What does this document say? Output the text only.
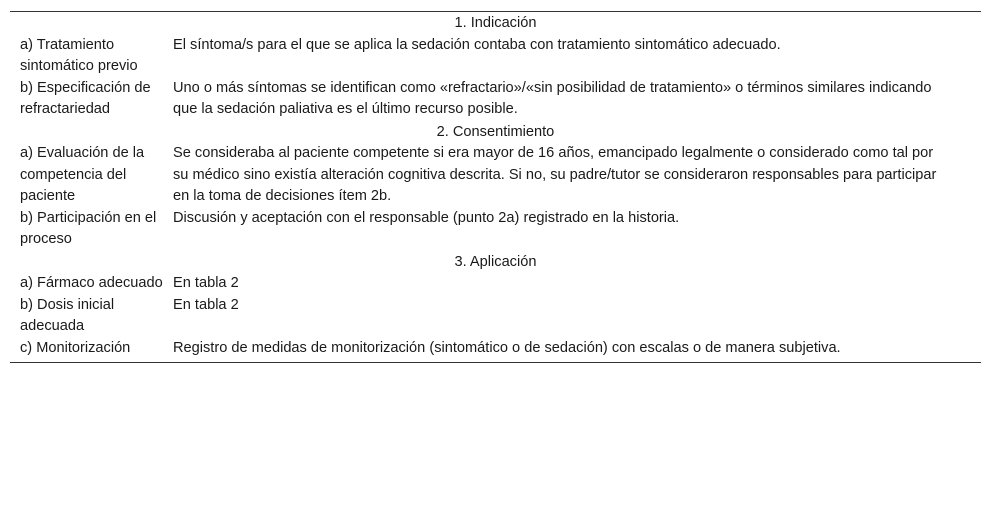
1. Indicación	
a) Tratamiento sintomático previo	El síntoma/s para el que se aplica la sedación contaba con tratamiento sintomático adecuado.
b) Especificación de refractariedad	Uno o más síntomas se identifican como «refractario»/«sin posibilidad de tratamiento» o términos similares indicando que la sedación paliativa es el último recurso posible.
2. Consentimiento	
a) Evaluación de la competencia del paciente	Se consideraba al paciente competente si era mayor de 16 años, emancipado legalmente o considerado como tal por su médico sino existía alteración cognitiva descrita. Si no, su padre/tutor se consideraron responsables para participar en la toma de decisiones ítem 2b.
b) Participación en el proceso	Discusión y aceptación con el responsable (punto 2a) registrado en la historia.
3. Aplicación	
a) Fármaco adecuado	En tabla 2
b) Dosis inicial adecuada	En tabla 2
c) Monitorización	Registro de medidas de monitorización (sintomático o de sedación) con escalas o de manera subjetiva.
